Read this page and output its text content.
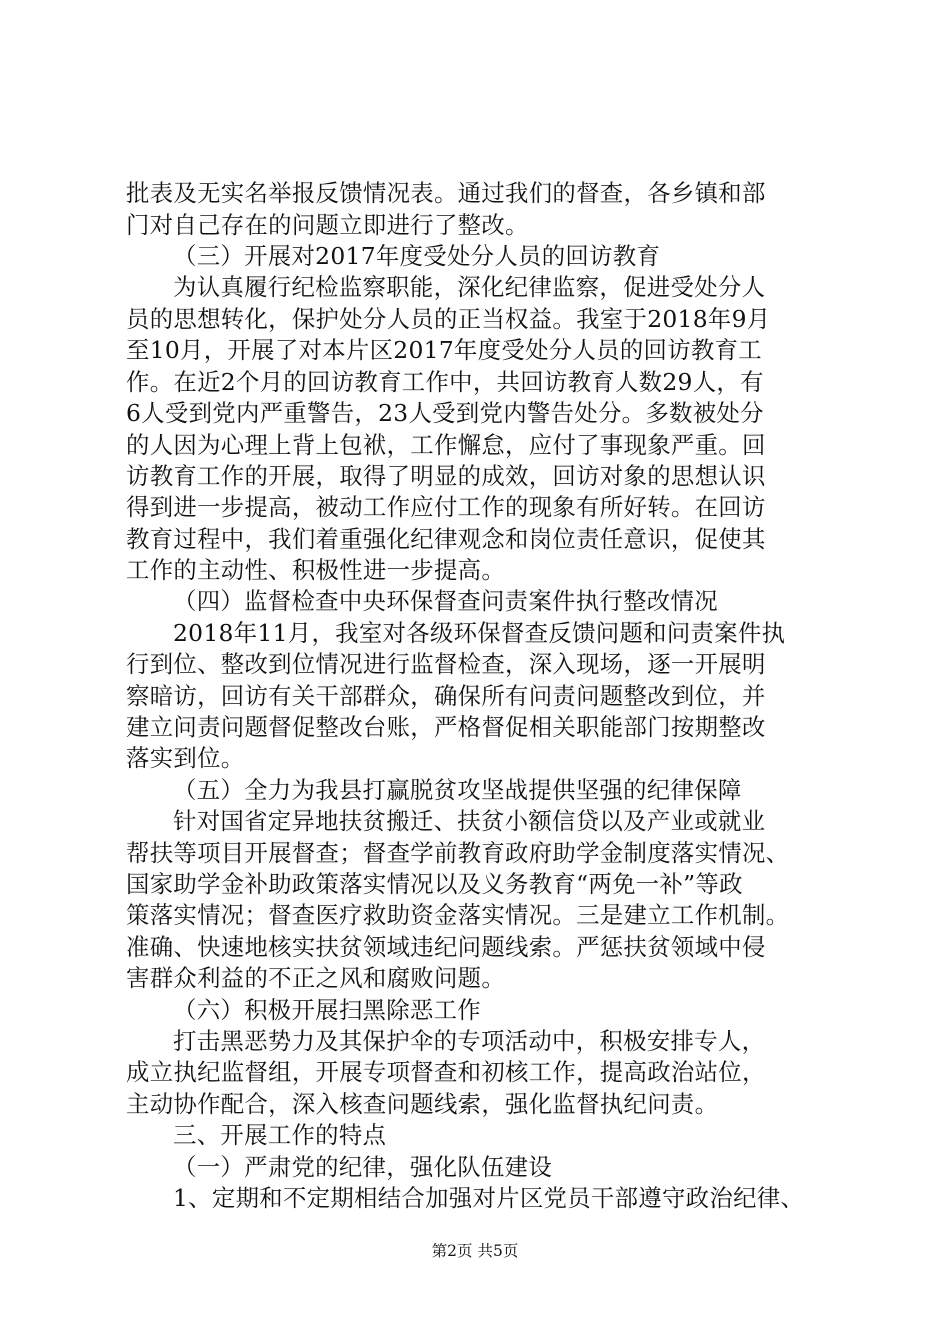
批表及无实名举报反馈情况表。通过我们的督查，各乡镇和部
门对自己存在的问题立即进行了整改。
（三）开展对2017年度受处分人员的回访教育
为认真履行纪检监察职能，深化纪律监察，促进受处分人
员的思想转化，保护处分人员的正当权益。我室于2018年9月
至10月，开展了对本片区2017年度受处分人员的回访教育工
作。在近2个月的回访教育工作中，共回访教育人数29人，有
6人受到党内严重警告，23人受到党内警告处分。多数被处分
的人因为心理上背上包袱，工作懈怠，应付了事现象严重。回
访教育工作的开展，取得了明显的成效，回访对象的思想认识
得到进一步提高，被动工作应付工作的现象有所好转。在回访
教育过程中，我们着重强化纪律观念和岗位责任意识，促使其
工作的主动性、积极性进一步提高。
（四）监督检查中央环保督查问责案件执行整改情况
2018年11月，我室对各级环保督查反馈问题和问责案件执
行到位、整改到位情况进行监督检查，深入现场，逐一开展明
察暗访，回访有关干部群众，确保所有问责问题整改到位，并
建立问责问题督促整改台账，严格督促相关职能部门按期整改
落实到位。
（五）全力为我县打赢脱贫攻坚战提供坚强的纪律保障
针对国省定异地扶贫搬迁、扶贫小额信贷以及产业或就业
帮扶等项目开展督查；督查学前教育政府助学金制度落实情况、
国家助学金补助政策落实情况以及义务教育“两免一补”等政
策落实情况；督查医疗救助资金落实情况。三是建立工作机制。
准确、快速地核实扶贫领域违纪问题线索。严惩扶贫领域中侵
害群众利益的不正之风和腐败问题。
（六）积极开展扫黑除恶工作
打击黑恶势力及其保护伞的专项活动中，积极安排专人，
成立执纪监督组，开展专项督查和初核工作，提高政治站位，
主动协作配合，深入核查问题线索，强化监督执纪问责。
三、开展工作的特点
（一）严肃党的纪律，强化队伍建设
1、定期和不定期相结合加强对片区党员干部遵守政治纪律、
第2页 共5页
